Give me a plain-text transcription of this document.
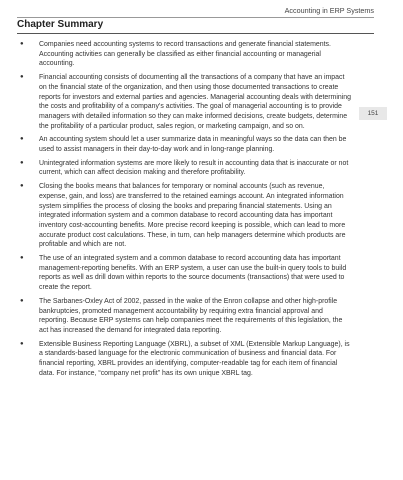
Accounting in ERP Systems
Chapter Summary
151
● Companies need accounting systems to record transactions and generate financial statements. Accounting activities can generally be classified as either financial accounting or managerial accounting.
● Financial accounting consists of documenting all the transactions of a company that have an impact on the financial state of the organization, and then using those documented transactions to create reports for investors and external parties and agencies. Managerial accounting deals with determining the costs and profitability of a company’s activities. The goal of managerial accounting is to provide managers with detailed information so they can make informed decisions, create budgets, determine the profitability of a particular product, sales region, or marketing campaign, and so on.
● An accounting system should let a user summarize data in meaningful ways so the data can then be used to assist managers in their day-to-day work and in long-range planning.
● Unintegrated information systems are more likely to result in accounting data that is inaccurate or not current, which can affect decision making and therefore profitability.
● Closing the books means that balances for temporary or nominal accounts (such as revenue, expense, gain, and loss) are transferred to the retained earnings account. An integrated information system simplifies the process of closing the books and preparing financial statements. Using an integrated information system and a common database to record accounting data has important inventory cost-accounting benefits. More precise record keeping is possible, which can lead to more accurate product cost calculations. These, in turn, can help managers determine which products are profitable and which are not.
● The use of an integrated system and a common database to record accounting data has important management-reporting benefits. With an ERP system, a user can use the built-in query tools to build reports as well as drill down within reports to the source documents (transactions) that were used to create the report.
● The Sarbanes-Oxley Act of 2002, passed in the wake of the Enron collapse and other high-profile bankruptcies, promoted management accountability by requiring extra financial approval and reporting. Because ERP systems can help companies meet the requirements of this legislation, the act has increased the demand for integrated data reporting.
● Extensible Business Reporting Language (XBRL), a subset of XML (Extensible Markup Language), is a standards-based language for the electronic communication of business and financial data. For financial reporting, XBRL provides an identifying, computer-readable tag for each item of financial data. For instance, “company net profit” has its own unique XBRL tag.
